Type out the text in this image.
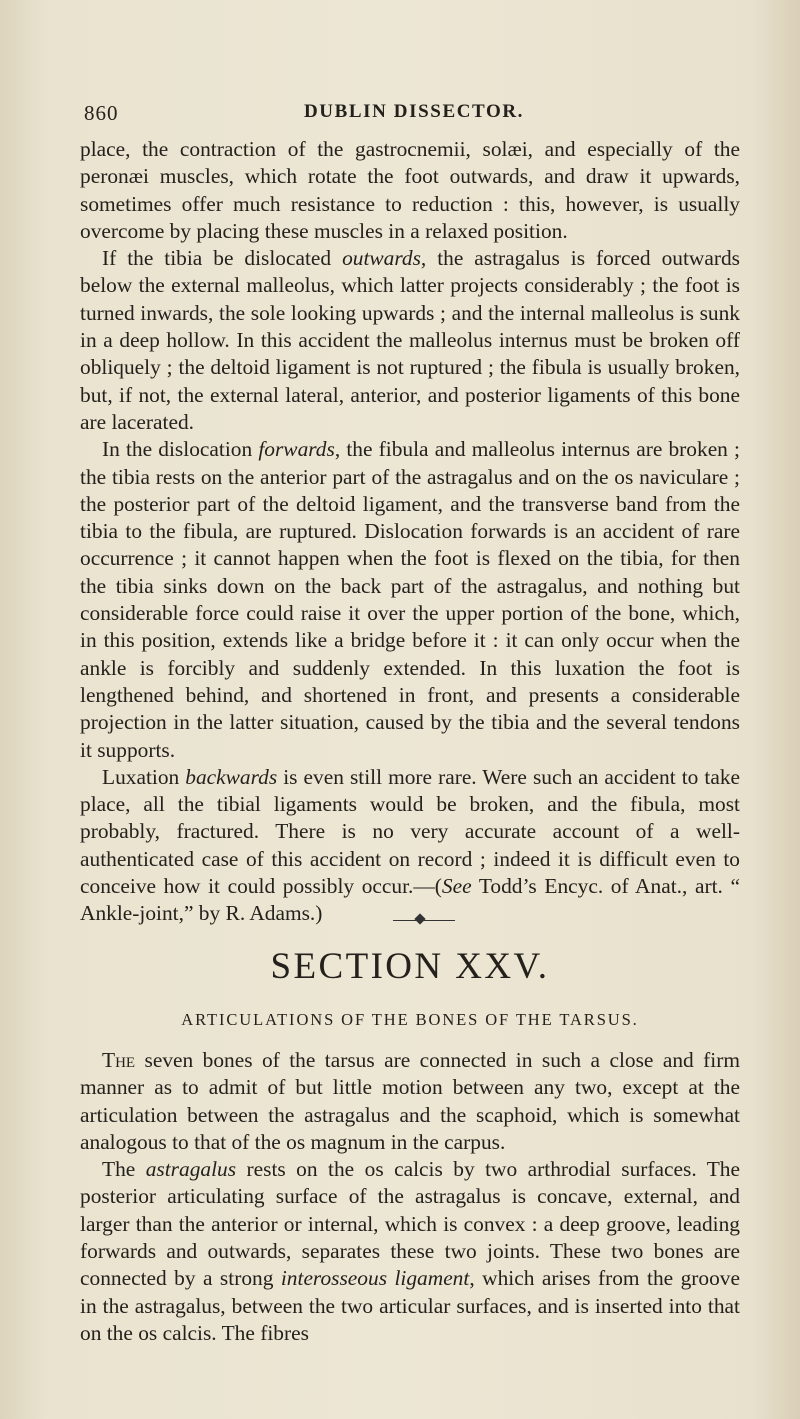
860	DUBLIN DISSECTOR.

place, the contraction of the gastrocnemii, solæi, and especially of the peronæi muscles, which rotate the foot outwards, and draw it upwards, sometimes offer much resistance to reduction : this, however, is usually overcome by placing these muscles in a relaxed position.

If the tibia be dislocated outwards, the astragalus is forced outwards below the external malleolus, which latter projects considerably ; the foot is turned inwards, the sole looking upwards ; and the internal malleolus is sunk in a deep hollow. In this accident the malleolus internus must be broken off obliquely ; the deltoid ligament is not ruptured ; the fibula is usually broken, but, if not, the external lateral, anterior, and posterior ligaments of this bone are lacerated.

In the dislocation forwards, the fibula and malleolus internus are broken ; the tibia rests on the anterior part of the astragalus and on the os naviculare ; the posterior part of the deltoid ligament, and the transverse band from the tibia to the fibula, are ruptured. Dislocation forwards is an accident of rare occurrence ; it cannot happen when the foot is flexed on the tibia, for then the tibia sinks down on the back part of the astragalus, and nothing but considerable force could raise it over the upper portion of the bone, which, in this position, extends like a bridge before it : it can only occur when the ankle is forcibly and suddenly extended. In this luxation the foot is lengthened behind, and shortened in front, and presents a considerable projection in the latter situation, caused by the tibia and the several tendons it supports.

Luxation backwards is even still more rare. Were such an accident to take place, all the tibial ligaments would be broken, and the fibula, most probably, fractured. There is no very accurate account of a well-authenticated case of this accident on record ; indeed it is difficult even to conceive how it could possibly occur.—(See Todd’s Encyc. of Anat., art. “ Ankle-joint,” by R. Adams.)

SECTION XXV.
ARTICULATIONS OF THE BONES OF THE TARSUS.

The seven bones of the tarsus are connected in such a close and firm manner as to admit of but little motion between any two, except at the articulation between the astragalus and the scaphoid, which is somewhat analogous to that of the os magnum in the carpus.

The astragalus rests on the os calcis by two arthrodial surfaces. The posterior articulating surface of the astragalus is concave, external, and larger than the anterior or internal, which is convex : a deep groove, leading forwards and outwards, separates these two joints. These two bones are connected by a strong interosseous ligament, which arises from the groove in the astragalus, between the two articular surfaces, and is inserted into that on the os calcis. The fibres
